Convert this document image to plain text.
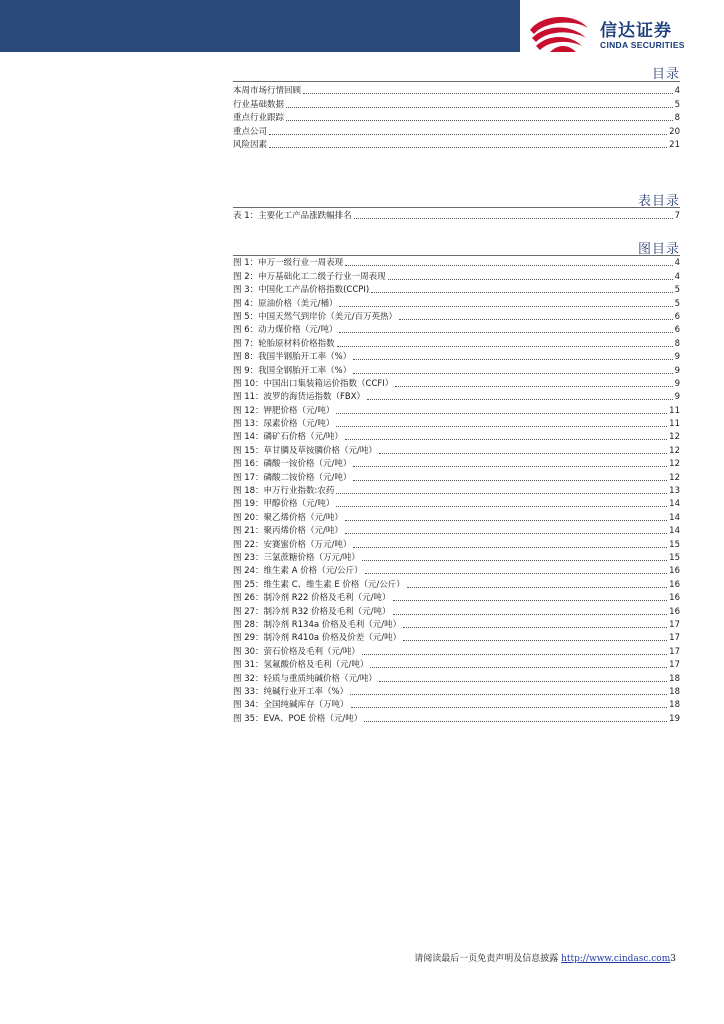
信达证券
CINDA SECURITIES
目录
本周市场行情回顾	4
行业基础数据	5
重点行业跟踪	8
重点公司	20
风险因素	21
表目录
表 1：主要化工产品涨跌幅排名	7
图目录
图 1：申万一级行业一周表现	4
图 2：申万基础化工二级子行业一周表现	4
图 3：中国化工产品价格指数(CCPI)	5
图 4：原油价格（美元/桶）	5
图 5：中国天然气到岸价（美元/百万英热）	6
图 6：动力煤价格（元/吨）	6
图 7：轮胎原材料价格指数	8
图 8：我国半钢胎开工率（%）	9
图 9：我国全钢胎开工率（%）	9
图 10：中国出口集装箱运价指数（CCFI）	9
图 11：波罗的海货运指数（FBX）	9
图 12：钾肥价格（元/吨）	11
图 13：尿素价格（元/吨）	11
图 14：磷矿石价格（元/吨）	12
图 15：草甘膦及草铵膦价格（元/吨）	12
图 16：磷酸一铵价格（元/吨）	12
图 17：磷酸二铵价格（元/吨）	12
图 18：申万行业指数:农药	13
图 19：甲醇价格（元/吨）	14
图 20：聚乙烯价格（元/吨）	14
图 21：聚丙烯价格（元/吨）	14
图 22：安赛蜜价格（万元/吨）	15
图 23：三氯蔗糖价格（万元/吨）	15
图 24：维生素 A 价格（元/公斤）	16
图 25：维生素 C、维生素 E 价格（元/公斤）	16
图 26：制冷剂 R22 价格及毛利（元/吨）	16
图 27：制冷剂 R32 价格及毛利（元/吨）	16
图 28：制冷剂 R134a 价格及毛利（元/吨）	17
图 29：制冷剂 R410a 价格及价差（元/吨）	17
图 30：萤石价格及毛利（元/吨）	17
图 31：氢氟酸价格及毛利（元/吨）	17
图 32：轻质与重质纯碱价格（元/吨）	18
图 33：纯碱行业开工率（%）	18
图 34：全国纯碱库存（万吨）	18
图 35：EVA、POE 价格（元/吨）	19
请阅读最后一页免责声明及信息披露 http://www.cindasc.com3
